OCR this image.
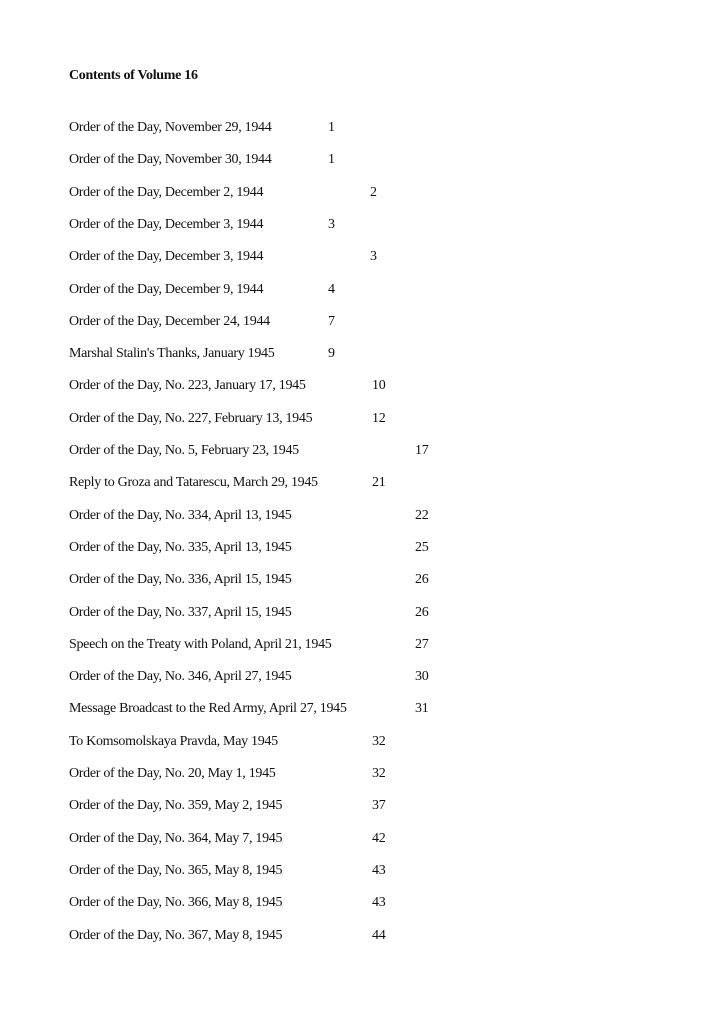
Contents of Volume 16
Order of the Day, November 29, 1944	1
Order of the Day, November 30, 1944	1
Order of the Day, December 2, 1944	2
Order of the Day, December 3, 1944	3
Order of the Day, December 3, 1944	3
Order of the Day, December 9, 1944	4
Order of the Day, December 24, 1944	7
Marshal Stalin's Thanks, January 1945	9
Order of the Day, No. 223, January 17, 1945	10
Order of the Day, No. 227, February 13, 1945	12
Order of the Day, No. 5, February 23, 1945	17
Reply to Groza and Tatarescu, March 29, 1945	21
Order of the Day, No. 334, April 13, 1945	22
Order of the Day, No. 335, April 13, 1945	25
Order of the Day, No. 336, April 15, 1945	26
Order of the Day, No. 337, April 15, 1945	26
Speech on the Treaty with Poland, April 21, 1945	27
Order of the Day, No. 346, April 27, 1945	30
Message Broadcast to the Red Army, April 27, 1945	31
To Komsomolskaya Pravda, May 1945	32
Order of the Day, No. 20, May 1, 1945	32
Order of the Day, No. 359, May 2, 1945	37
Order of the Day, No. 364, May 7, 1945	42
Order of the Day, No. 365, May 8, 1945	43
Order of the Day, No. 366, May 8, 1945	43
Order of the Day, No. 367, May 8, 1945	44
